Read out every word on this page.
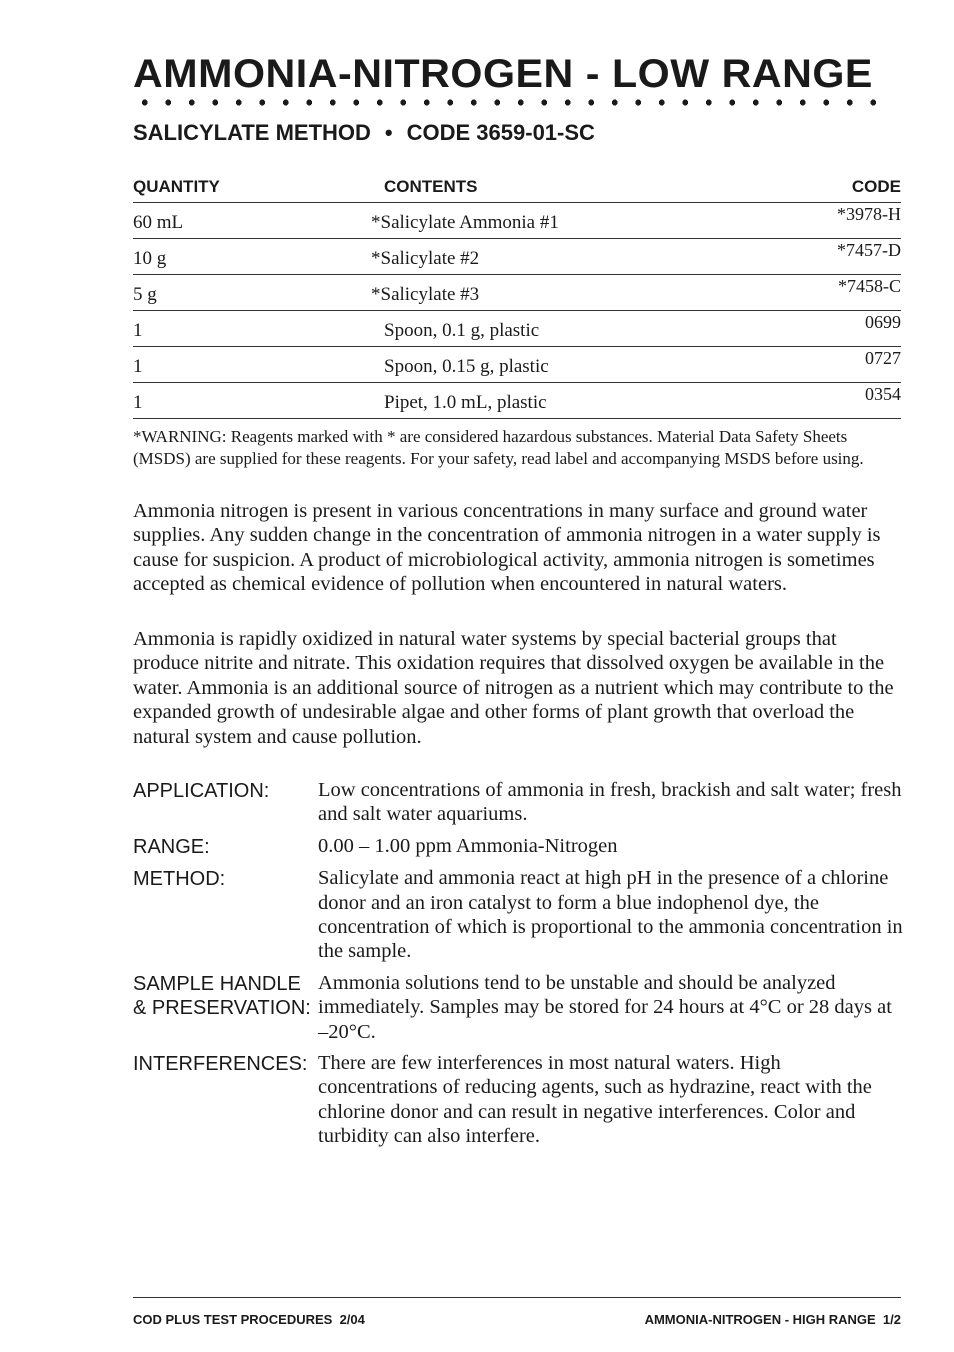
AMMONIA-NITROGEN - LOW RANGE
SALICYLATE METHOD • CODE 3659-01-SC
QUANTITY	CONTENTS	CODE
60 mL	*Salicylate Ammonia #1	*3978-H
10 g	*Salicylate #2	*7457-D
5 g	*Salicylate #3	*7458-C
1	Spoon, 0.1 g, plastic	0699
1	Spoon, 0.15 g, plastic	0727
1	Pipet, 1.0 mL, plastic	0354

*WARNING: Reagents marked with * are considered hazardous substances. Material Data Safety Sheets (MSDS) are supplied for these reagents. For your safety, read label and accompanying MSDS before using.

Ammonia nitrogen is present in various concentrations in many surface and ground water supplies. Any sudden change in the concentration of ammonia nitrogen in a water supply is cause for suspicion. A product of microbiological activity, ammonia nitrogen is sometimes accepted as chemical evidence of pollution when encountered in natural waters.

Ammonia is rapidly oxidized in natural water systems by special bacterial groups that produce nitrite and nitrate. This oxidation requires that dissolved oxygen be available in the water. Ammonia is an additional source of nitrogen as a nutrient which may contribute to the expanded growth of undesirable algae and other forms of plant growth that overload the natural system and cause pollution.

APPLICATION:	Low concentrations of ammonia in fresh, brackish and salt water; fresh and salt water aquariums.
RANGE:	0.00 – 1.00 ppm Ammonia-Nitrogen
METHOD:	Salicylate and ammonia react at high pH in the presence of a chlorine donor and an iron catalyst to form a blue indophenol dye, the concentration of which is proportional to the ammonia concentration in the sample.
SAMPLE HANDLE & PRESERVATION:
Ammonia solutions tend to be unstable and should be analyzed immediately. Samples may be stored for 24 hours at 4°C or 28 days at –20°C.
INTERFERENCES: There are few interferences in most natural waters. High concentrations of reducing agents, such as hydrazine, react with the chlorine donor and can result in negative interferences. Color and turbidity can also interfere.
COD PLUS TEST PROCEDURES  2/04	AMMONIA-NITROGEN - HIGH RANGE  1/2
